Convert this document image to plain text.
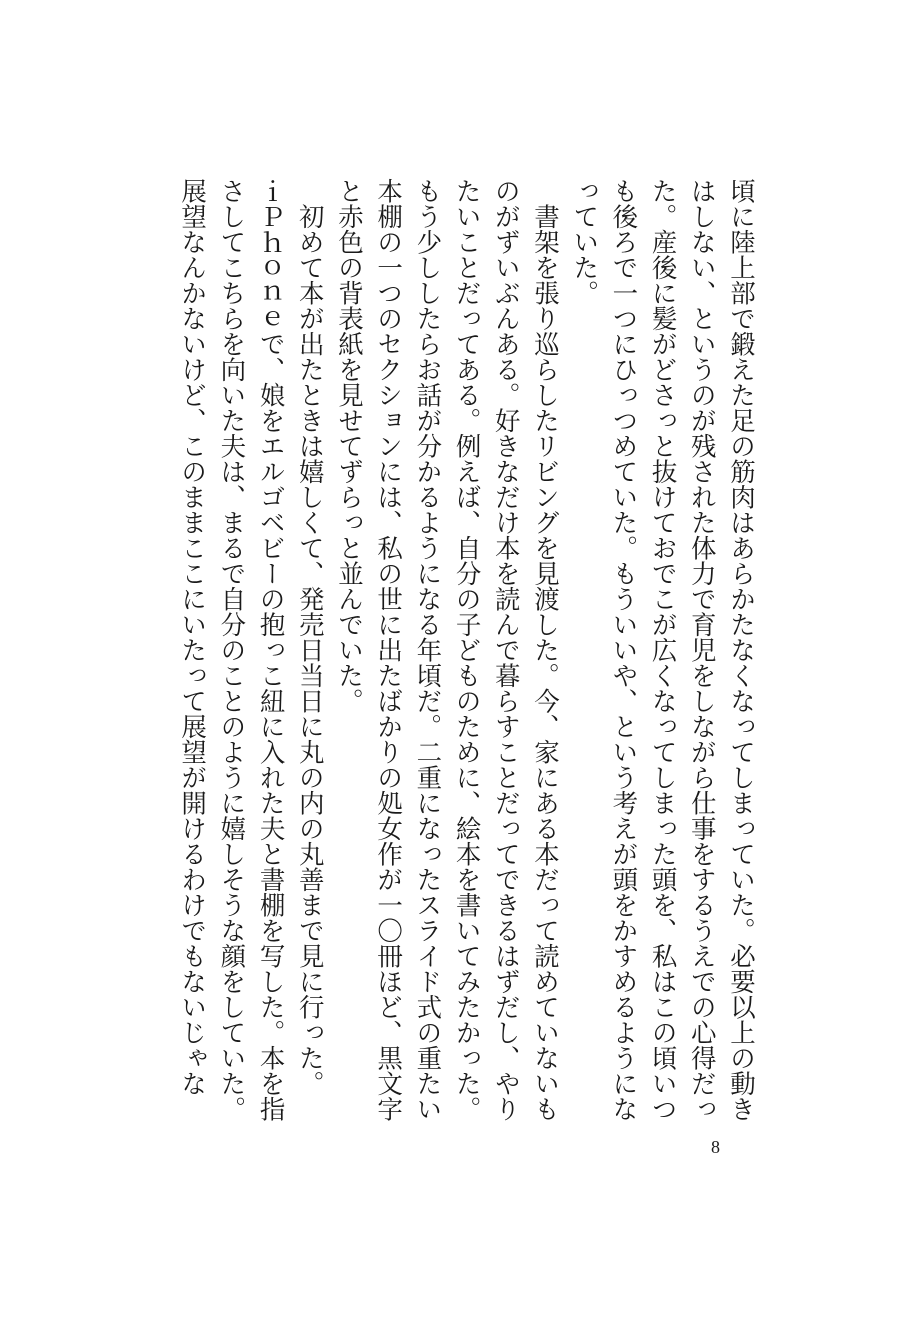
頃に陸上部で鍛えた足の筋肉はあらかたなくなってしまっていた。必要以上の動き
はしない、というのが残された体力で育児をしながら仕事をするうえでの心得だっ
た。産後に髪がどさっと抜けておでこが広くなってしまった頭を、私はこの頃いつ
も後ろで一つにひっつめていた。もういいや、という考えが頭をかすめるようにな
っていた。
　書架を張り巡らしたリビングを見渡した。今、家にある本だって読めていないも
のがずいぶんある。好きなだけ本を読んで暮らすことだってできるはずだし、やり
たいことだってある。例えば、自分の子どものために、絵本を書いてみたかった。
もう少ししたらお話が分かるようになる年頃だ。二重になったスライド式の重たい
本棚の一つのセクションには、私の世に出たばかりの処女作が一〇冊ほど、黒文字
と赤色の背表紙を見せてずらっと並んでいた。
　初めて本が出たときは嬉しくて、発売日当日に丸の内の丸善まで見に行った。
ｉＰｈｏｎｅで、娘をエルゴベビーの抱っこ紐に入れた夫と書棚を写した。本を指
さしてこちらを向いた夫は、まるで自分のことのように嬉しそうな顔をしていた。
展望なんかないけど、このままここにいたって展望が開けるわけでもないじゃな
8
